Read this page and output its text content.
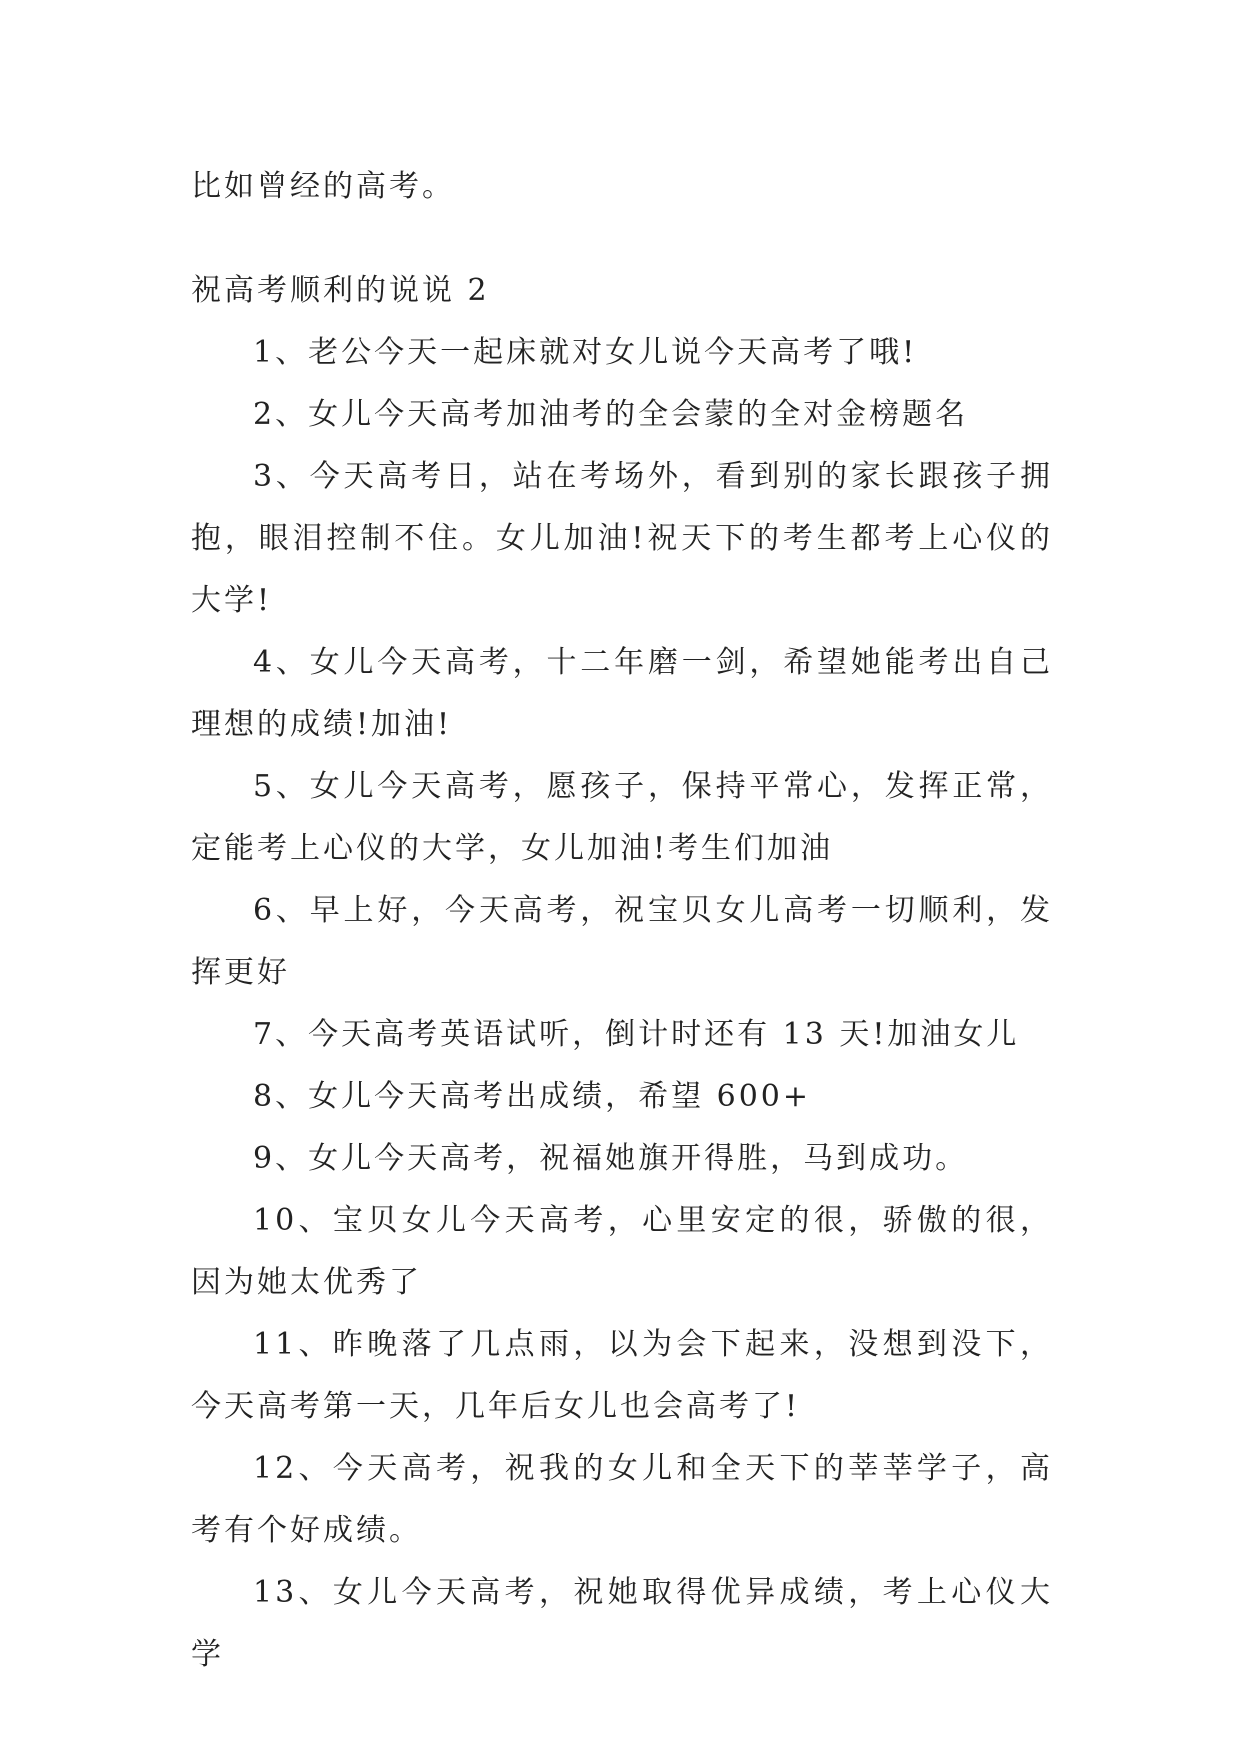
比如曾经的高考。

祝高考顺利的说说 2

1、老公今天一起床就对女儿说今天高考了哦!

2、女儿今天高考加油考的全会蒙的全对金榜题名

3、今天高考日，站在考场外，看到别的家长跟孩子拥抱，眼泪控制不住。女儿加油!祝天下的考生都考上心仪的大学!

4、女儿今天高考，十二年磨一剑，希望她能考出自己理想的成绩!加油!

5、女儿今天高考，愿孩子，保持平常心，发挥正常，定能考上心仪的大学，女儿加油!考生们加油

6、早上好，今天高考，祝宝贝女儿高考一切顺利，发挥更好

7、今天高考英语试听，倒计时还有 13 天!加油女儿

8、女儿今天高考出成绩，希望 600+

9、女儿今天高考，祝福她旗开得胜，马到成功。

10、宝贝女儿今天高考，心里安定的很，骄傲的很，因为她太优秀了

11、昨晚落了几点雨，以为会下起来，没想到没下，今天高考第一天，几年后女儿也会高考了!

12、今天高考，祝我的女儿和全天下的莘莘学子，高考有个好成绩。

13、女儿今天高考，祝她取得优异成绩，考上心仪大学
